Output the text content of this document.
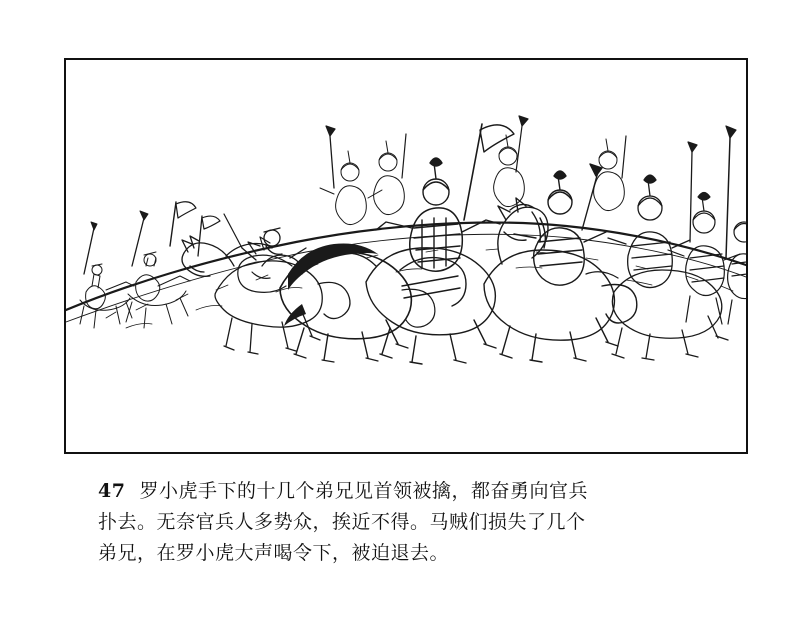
47 罗小虎手下的十几个弟兄见首领被擒，都奋勇向官兵
扑去。无奈官兵人多势众，挨近不得。马贼们损失了几个
弟兄，在罗小虎大声喝令下，被迫退去。
